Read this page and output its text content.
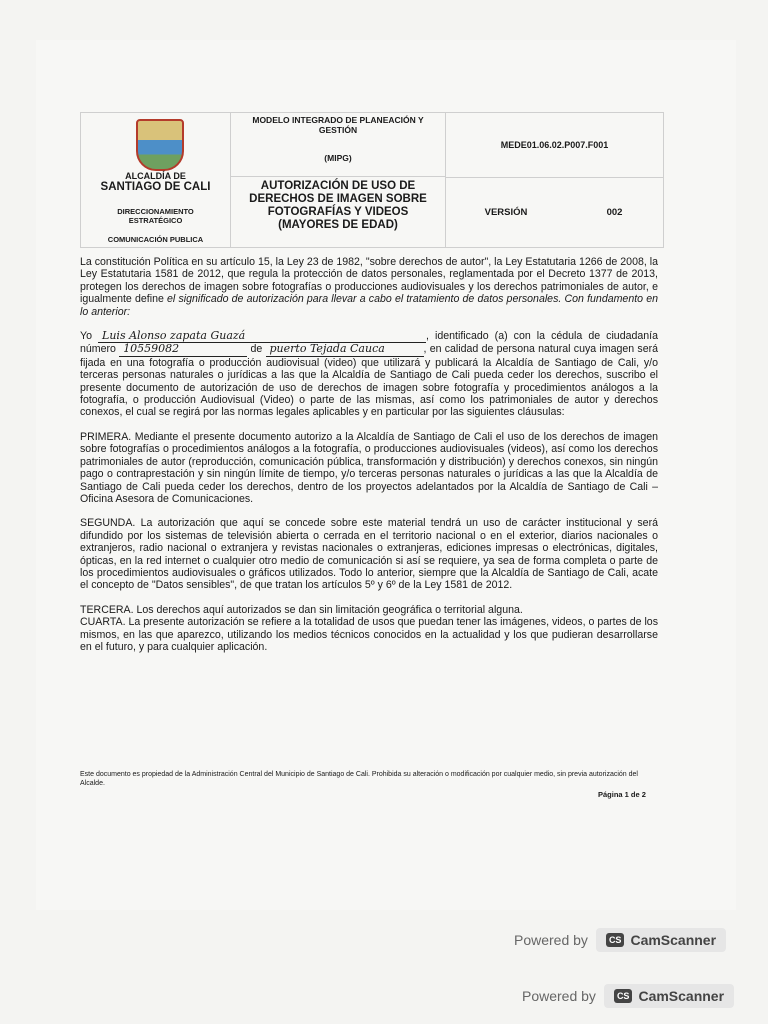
ALCALDÍA DE
SANTIAGO DE CALI
DIRECCIONAMIENTO ESTRATÉGICO
COMUNICACIÓN PUBLICA
MODELO INTEGRADO DE PLANEACIÓN Y GESTIÓN
(MIPG)
AUTORIZACIÓN DE USO DE DERECHOS DE IMAGEN SOBRE FOTOGRAFÍAS Y VIDEOS (MAYORES DE EDAD)
MEDE01.06.02.P007.F001
VERSIÓN	002

La constitución Política en su artículo 15, la Ley 23 de 1982, "sobre derechos de autor", la Ley Estatutaria 1266 de 2008, la Ley Estatutaria 1581 de 2012, que regula la protección de datos personales, reglamentada por el Decreto 1377 de 2013, protegen los derechos de imagen sobre fotografías o producciones audiovisuales y los derechos patrimoniales de autor, e igualmente define el significado de autorización para llevar a cabo el tratamiento de datos personales. Con fundamento en lo anterior:

Yo Luis Alonso zapata Guazá	, identificado (a) con la cédula de ciudadanía número 10559082	de puerto Tejada Cauca	, en calidad de persona natural cuya imagen será fijada en una fotografía o producción audiovisual (video) que utilizará y publicará la Alcaldía de Santiago de Cali, y/o terceras personas naturales o jurídicas a las que la Alcaldía de Santiago de Cali pueda ceder los derechos, suscribo el presente documento de autorización de uso de derechos de imagen sobre fotografía y procedimientos análogos a la fotografía, o producción Audiovisual (Video) o parte de las mismas, así como los patrimoniales de autor y derechos conexos, el cual se regirá por las normas legales aplicables y en particular por las siguientes cláusulas:

PRIMERA. Mediante el presente documento autorizo a la Alcaldía de Santiago de Cali el uso de los derechos de imagen sobre fotografías o procedimientos análogos a la fotografía, o producciones audiovisuales (videos), así como los derechos patrimoniales de autor (reproducción, comunicación pública, transformación y distribución) y derechos conexos, sin ningún pago o contraprestación y sin ningún límite de tiempo, y/o terceras personas naturales o jurídicas a las que la Alcaldía de Santiago de Cali pueda ceder los derechos, dentro de los proyectos adelantados por la Alcaldía de Santiago de Cali – Oficina Asesora de Comunicaciones.

SEGUNDA. La autorización que aquí se concede sobre este material tendrá un uso de carácter institucional y será difundido por los sistemas de televisión abierta o cerrada en el territorio nacional o en el exterior, diarios nacionales o extranjeros, radio nacional o extranjera y revistas nacionales o extranjeras, ediciones impresas o electrónicas, digitales, ópticas, en la red internet o cualquier otro medio de comunicación si así se requiere, ya sea de forma completa o parte de los procedimientos audiovisuales o gráficos utilizados. Todo lo anterior, siempre que la Alcaldía de Santiago de Cali, acate el concepto de "Datos sensibles", de que tratan los artículos 5º y 6º de la Ley 1581 de 2012.

TERCERA. Los derechos aquí autorizados se dan sin limitación geográfica o territorial alguna.

CUARTA. La presente autorización se refiere a la totalidad de usos que puedan tener las imágenes, videos, o partes de los mismos, en las que aparezco, utilizando los medios técnicos conocidos en la actualidad y los que pudieran desarrollarse en el futuro, y para cualquier aplicación.

Este documento es propiedad de la Administración Central del Municipio de Santiago de Cali. Prohibida su alteración o modificación por cualquier medio, sin previa autorización del Alcalde.
Página 1 de 2
Powered by	CS CamScanner
Powered by	CS CamScanner
